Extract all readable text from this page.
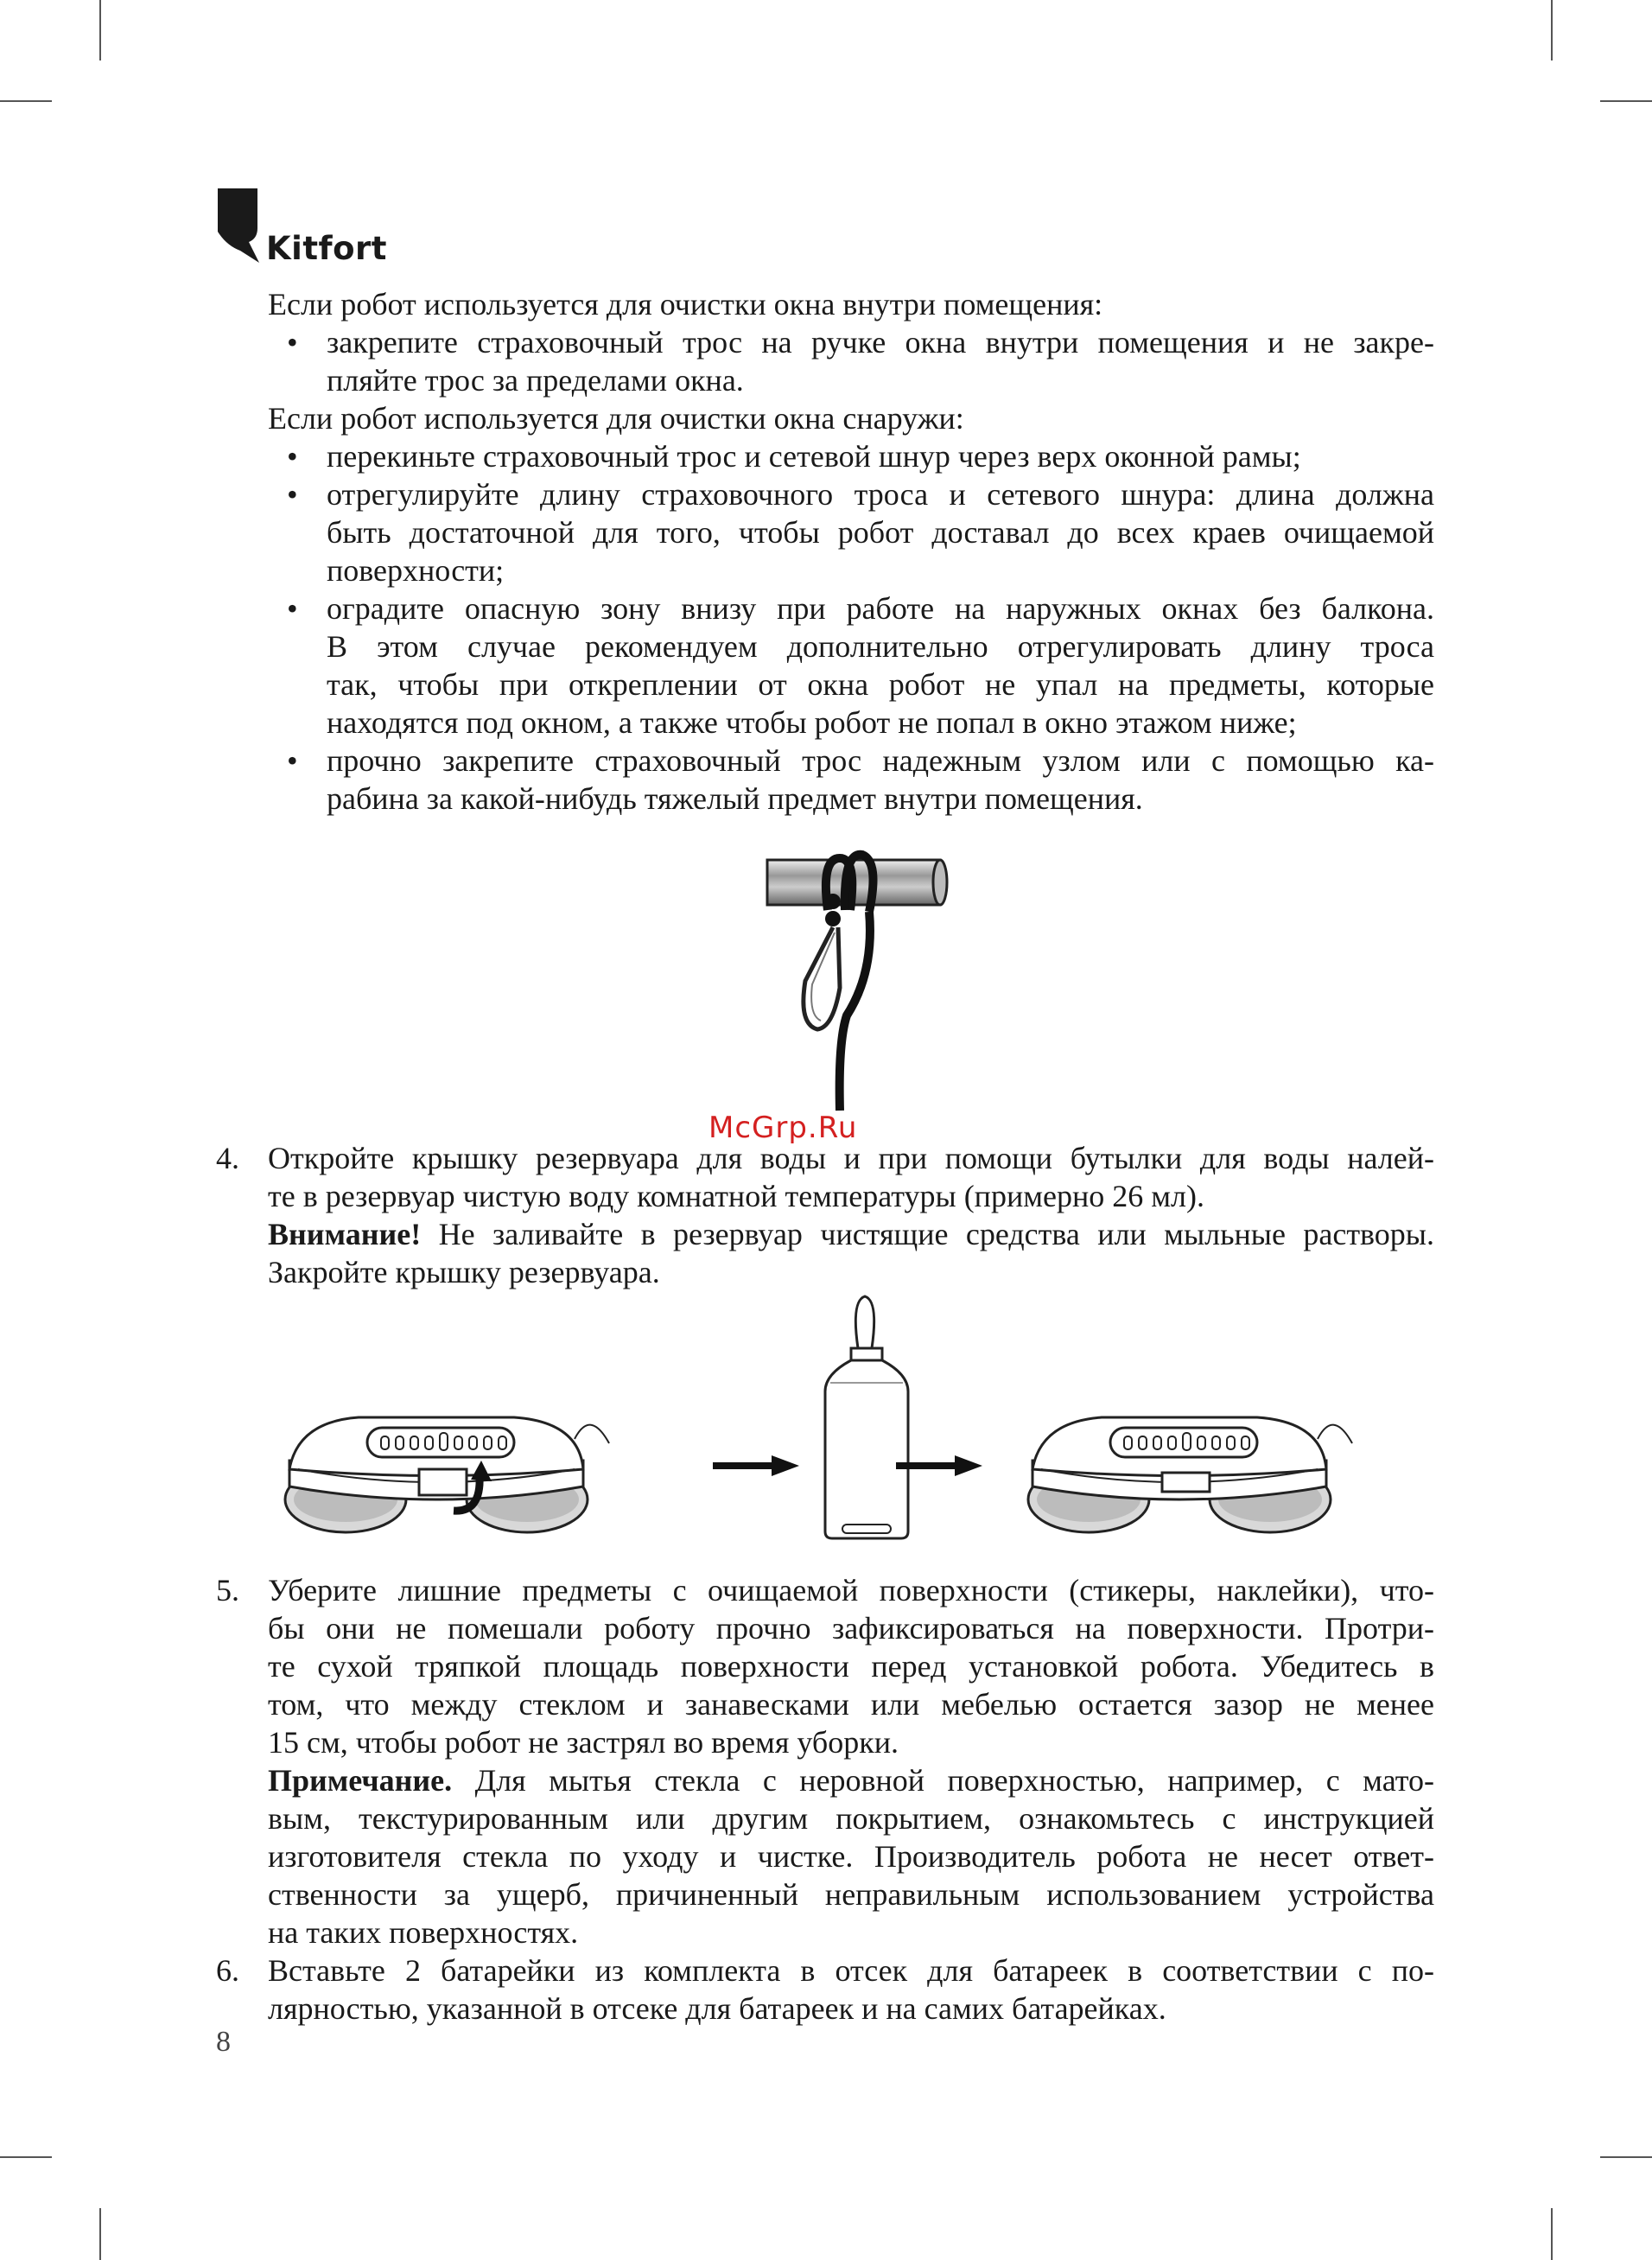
Kitfort
Если робот используется для очистки окна внутри помещения:
• закрепите страховочный трос на ручке окна внутри помещения и не закре-
пляйте трос за пределами окна.
Если робот используется для очистки окна снаружи:
• перекиньте страховочный трос и сетевой шнур через верх оконной рамы;
• отрегулируйте длину страховочного троса и сетевого шнура: длина должна
быть достаточной для того, чтобы робот доставал до всех краев очищаемой
поверхности;
• оградите опасную зону внизу при работе на наружных окнах без балкона.
В этом случае рекомендуем дополнительно отрегулировать длину троса
так, чтобы при откреплении от окна робот не упал на предметы, которые
находятся под окном, а также чтобы робот не попал в окно этажом ниже;
• прочно закрепите страховочный трос надежным узлом или с помощью ка-
рабина за какой-нибудь тяжелый предмет внутри помещения.
4. Откройте крышку резервуара для воды и при помощи бутылки для воды налей-
те в резервуар чистую воду комнатной температуры (примерно 26 мл).
Внимание! Не заливайте в резервуар чистящие средства или мыльные растворы.
Закройте крышку резервуара.
5. Уберите лишние предметы с очищаемой поверхности (стикеры, наклейки), что-
бы они не помешали роботу прочно зафиксироваться на поверхности. Протри-
те сухой тряпкой площадь поверхности перед установкой робота. Убедитесь в
том, что между стеклом и занавесками или мебелью остается зазор не менее
15 см, чтобы робот не застрял во время уборки.
Примечание. Для мытья стекла с неровной поверхностью, например, с мато-
вым, текстурированным или другим покрытием, ознакомьтесь с инструкцией
изготовителя стекла по уходу и чистке. Производитель робота не несет ответ-
ственности за ущерб, причиненный неправильным использованием устройства
на таких поверхностях.
6. Вставьте 2 батарейки из комплекта в отсек для батареек в соответствии с по-
лярностью, указанной в отсеке для батареек и на самих батарейках.
McGrp.Ru
8
